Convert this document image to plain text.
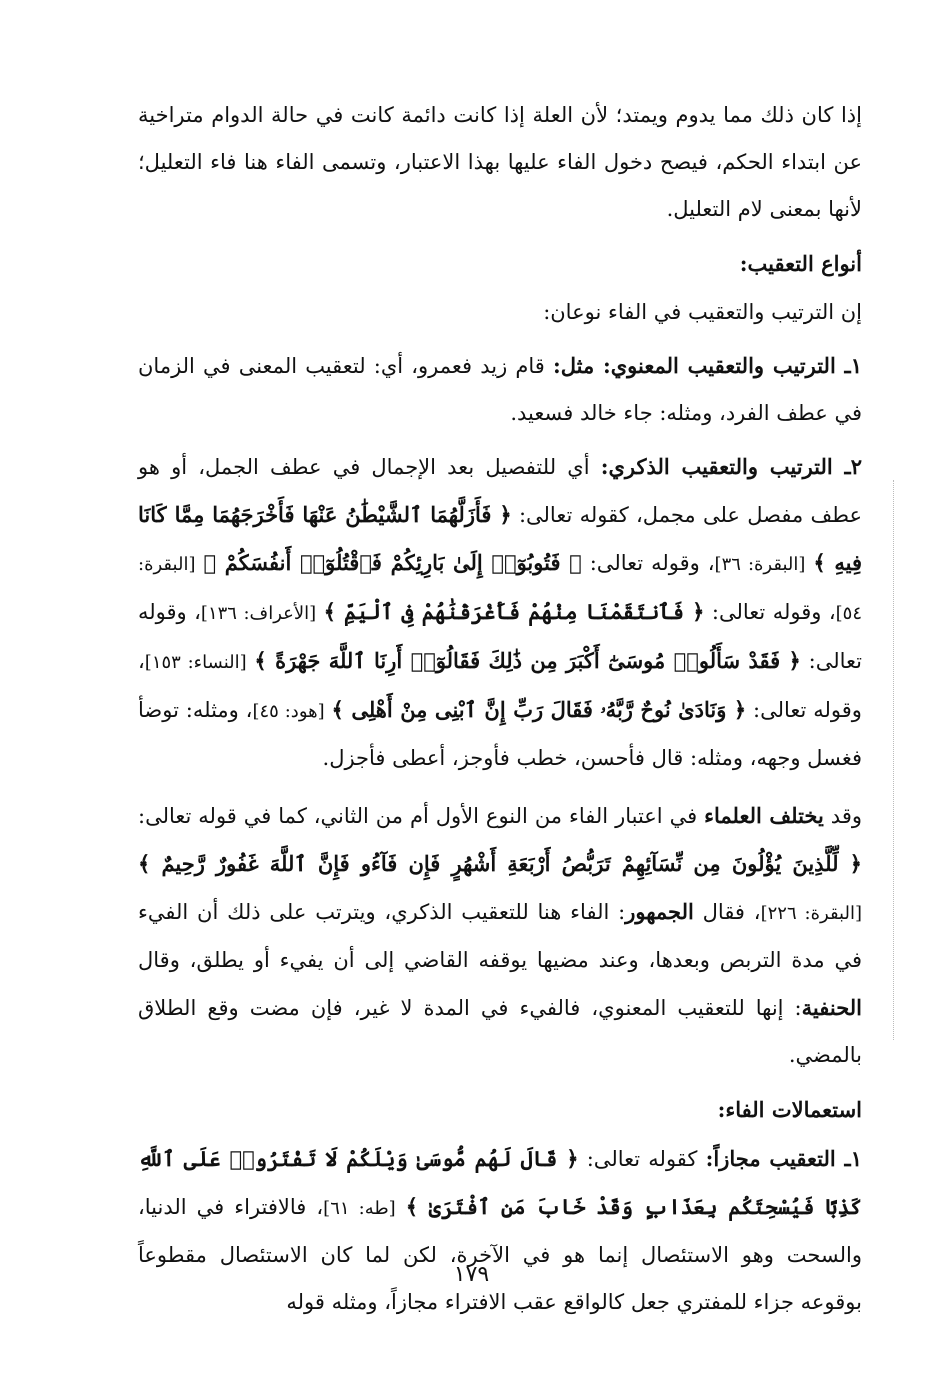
إذا كان ذلك مما يدوم ويمتد؛ لأن العلة إذا كانت دائمة كانت في حالة الدوام متراخية عن ابتداء الحكم، فيصح دخول الفاء عليها بهذا الاعتبار، وتسمى الفاء هنا فاء التعليل؛ لأنها بمعنى لام التعليل.

أنواع التعقيب:

إن الترتيب والتعقيب في الفاء نوعان:

١ـ الترتيب والتعقيب المعنوي: مثل: قام زيد فعمرو، أي: لتعقيب المعنى في الزمان في عطف الفرد، ومثله: جاء خالد فسعيد.

٢ـ الترتيب والتعقيب الذكري: أي للتفصيل بعد الإجمال في عطف الجمل، أو هو عطف مفصل على مجمل، كقوله تعالى: ﴿ فَأَزَلَّهُمَا ٱلشَّيْطَٰنُ عَنْهَا فَأَخْرَجَهُمَا مِمَّا كَانَا فِيهِ ﴾ [البقرة: ٣٦]، وقوله تعالى: ﴿ فَتُوبُوٓا۟ إِلَىٰ بَارِئِكُمْ فَٱقْتُلُوٓا۟ أَنفُسَكُمْ ﴾ [البقرة: ٥٤]، وقوله تعالى: ﴿ فَٱنتَقَمْنَا مِنْهُمْ فَأَغْرَقْنَٰهُمْ فِى ٱلْيَمِّ ﴾ [الأعراف: ١٣٦]، وقوله تعالى: ﴿ فَقَدْ سَأَلُوا۟ مُوسَىٰٓ أَكْبَرَ مِن ذَٰلِكَ فَقَالُوٓا۟ أَرِنَا ٱللَّهَ جَهْرَةً ﴾ [النساء: ١٥٣]، وقوله تعالى: ﴿ وَنَادَىٰ نُوحٌ رَّبَّهُۥ فَقَالَ رَبِّ إِنَّ ٱبْنِى مِنْ أَهْلِى ﴾ [هود: ٤٥]، ومثله: توضأ فغسل وجهه، ومثله: قال فأحسن، خطب فأوجز، أعطى فأجزل.

وقد يختلف العلماء في اعتبار الفاء من النوع الأول أم من الثاني، كما في قوله تعالى: ﴿ لِّلَّذِينَ يُؤْلُونَ مِن نِّسَآئِهِمْ تَرَبُّصُ أَرْبَعَةِ أَشْهُرٍ فَإِن فَآءُو فَإِنَّ ٱللَّهَ غَفُورٌ رَّحِيمٌ ﴾ [البقرة: ٢٢٦]، فقال الجمهور: الفاء هنا للتعقيب الذكري، ويترتب على ذلك أن الفيء في مدة التربص وبعدها، وعند مضيها يوقفه القاضي إلى أن يفيء أو يطلق، وقال الحنفية: إنها للتعقيب المعنوي، فالفيء في المدة لا غير، فإن مضت وقع الطلاق بالمضي.

استعمالات الفاء:

١ـ التعقيب مجازاً: كقوله تعالى: ﴿ قَالَ لَهُم مُّوسَىٰ وَيْلَكُمْ لَا تَفْتَرُوا۟ عَلَى ٱللَّهِ كَذِبًا فَيُسْحِتَكُم بِعَذَابٍ وَقَدْ خَابَ مَنِ ٱفْتَرَىٰ ﴾ [طه: ٦١]، فالافتراء في الدنيا، والسحت وهو الاستئصال إنما هو في الآخرة، لكن لما كان الاستئصال مقطوعاً بوقوعه جزاء للمفتري جعل كالواقع عقب الافتراء مجازاً، ومثله قوله

١٧٩
